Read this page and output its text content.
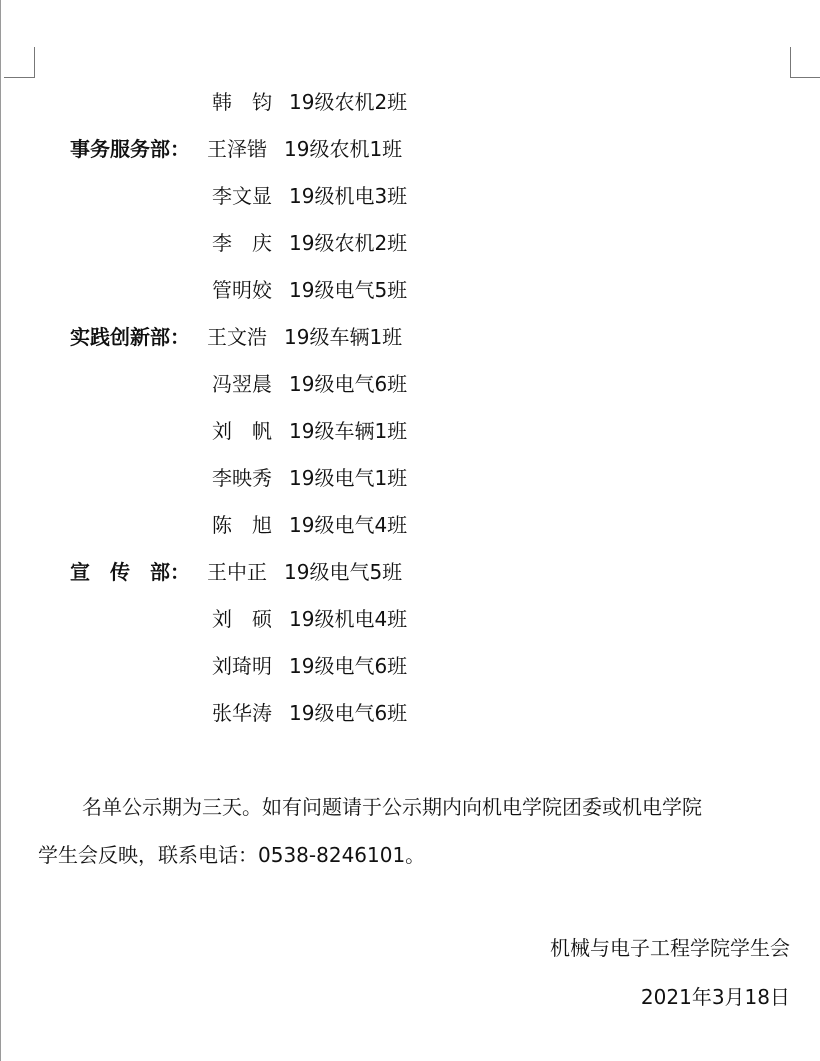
韩　钧 19级农机2班
事务服务部： 王泽锴 19级农机1班
李文显 19级机电3班
李　庆 19级农机2班
管明姣 19级电气5班
实践创新部： 王文浩 19级车辆1班
冯翌晨 19级电气6班
刘　帆 19级车辆1班
李映秀 19级电气1班
陈　旭 19级电气4班
宣　传　部： 王中正 19级电气5班
刘　硕 19级机电4班
刘琦明 19级电气6班
张华涛 19级电气6班
名单公示期为三天。如有问题请于公示期内向机电学院团委或机电学院
学生会反映，联系电话：0538-8246101。
机械与电子工程学院学生会
2021年3月18日
